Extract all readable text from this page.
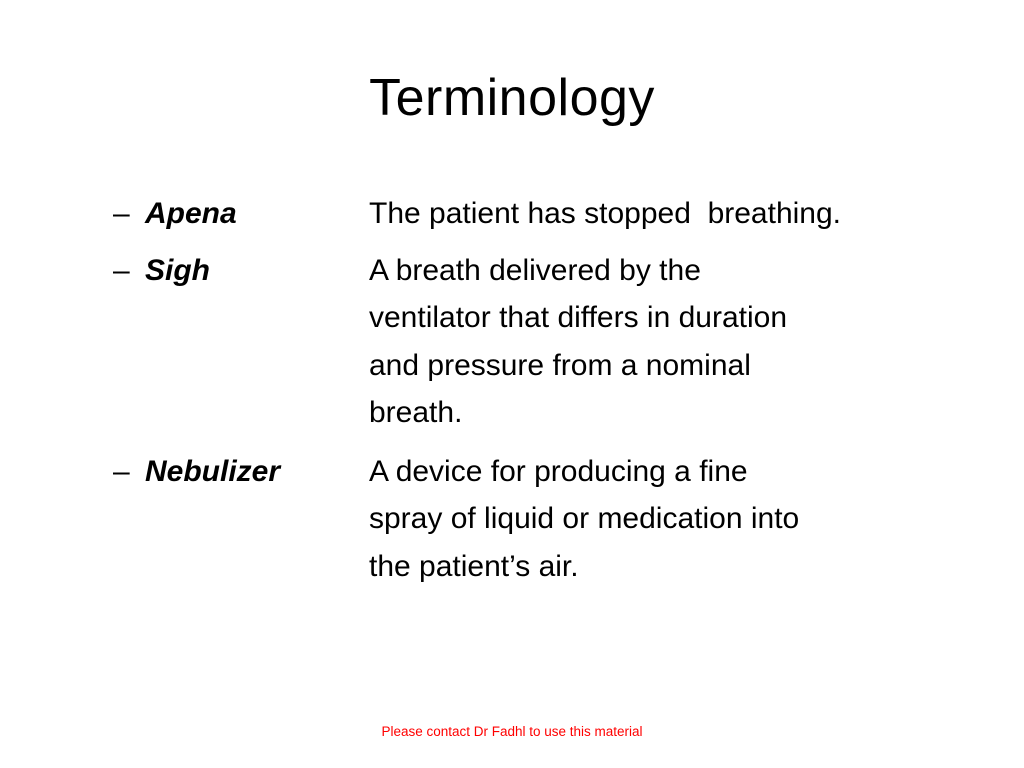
Terminology
– Apena	The patient has stopped  breathing.
– Sigh	A breath delivered by the
ventilator that differs in duration
and pressure from a nominal
breath.
– Nebulizer	A device for producing a fine
spray of liquid or medication into
the patient’s air.
Please contact Dr Fadhl to use this material
